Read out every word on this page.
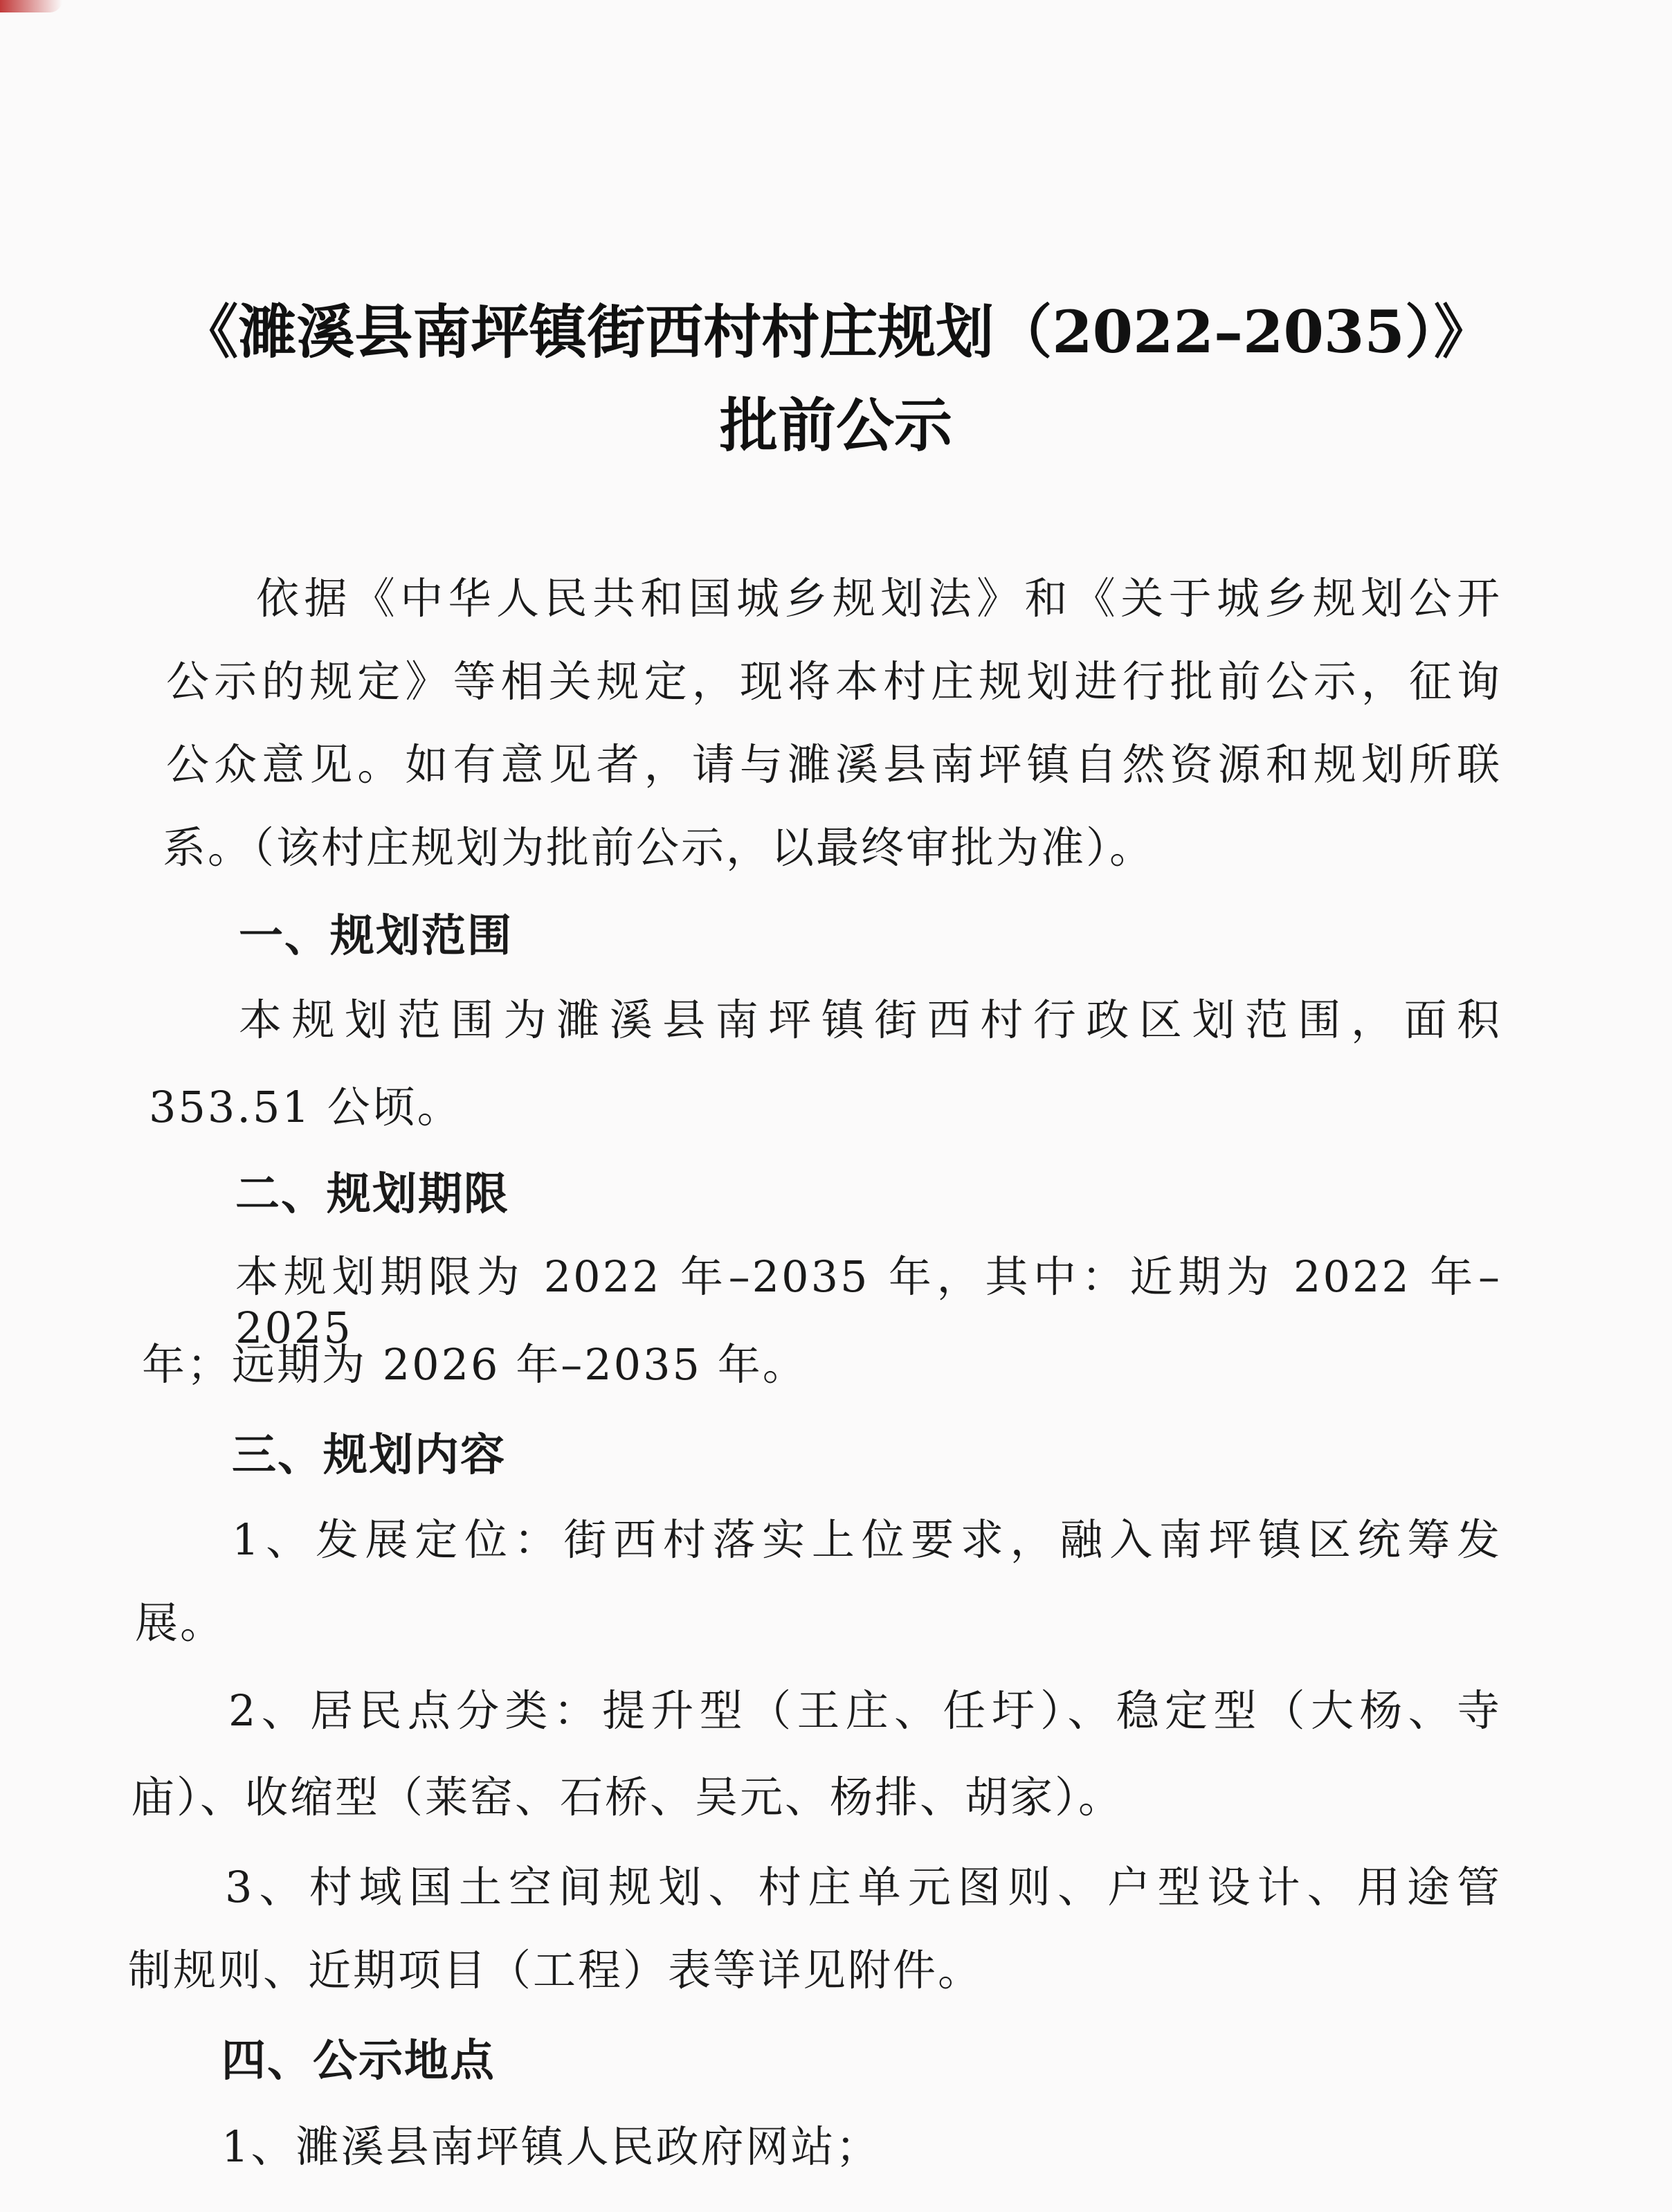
《濉溪县南坪镇街西村村庄规划（2022–2035）》
批前公示
依据《中华人民共和国城乡规划法》和《关于城乡规划公开
公示的规定》等相关规定，现将本村庄规划进行批前公示，征询
公众意见。如有意见者，请与濉溪县南坪镇自然资源和规划所联
系。（该村庄规划为批前公示，以最终审批为准）。
一、规划范围
本规划范围为濉溪县南坪镇街西村行政区划范围，面积
353.51 公顷。
二、规划期限
本规划期限为 2022 年–2035 年，其中：近期为 2022 年–2025
年；远期为 2026 年–2035 年。
三、规划内容
1、发展定位：街西村落实上位要求，融入南坪镇区统筹发
展。
2、居民点分类：提升型（王庄、任圩）、稳定型（大杨、寺
庙）、收缩型（莱窑、石桥、吴元、杨排、胡家）。
3、村域国土空间规划、村庄单元图则、户型设计、用途管
制规则、近期项目（工程）表等详见附件。
四、公示地点
1、濉溪县南坪镇人民政府网站；
